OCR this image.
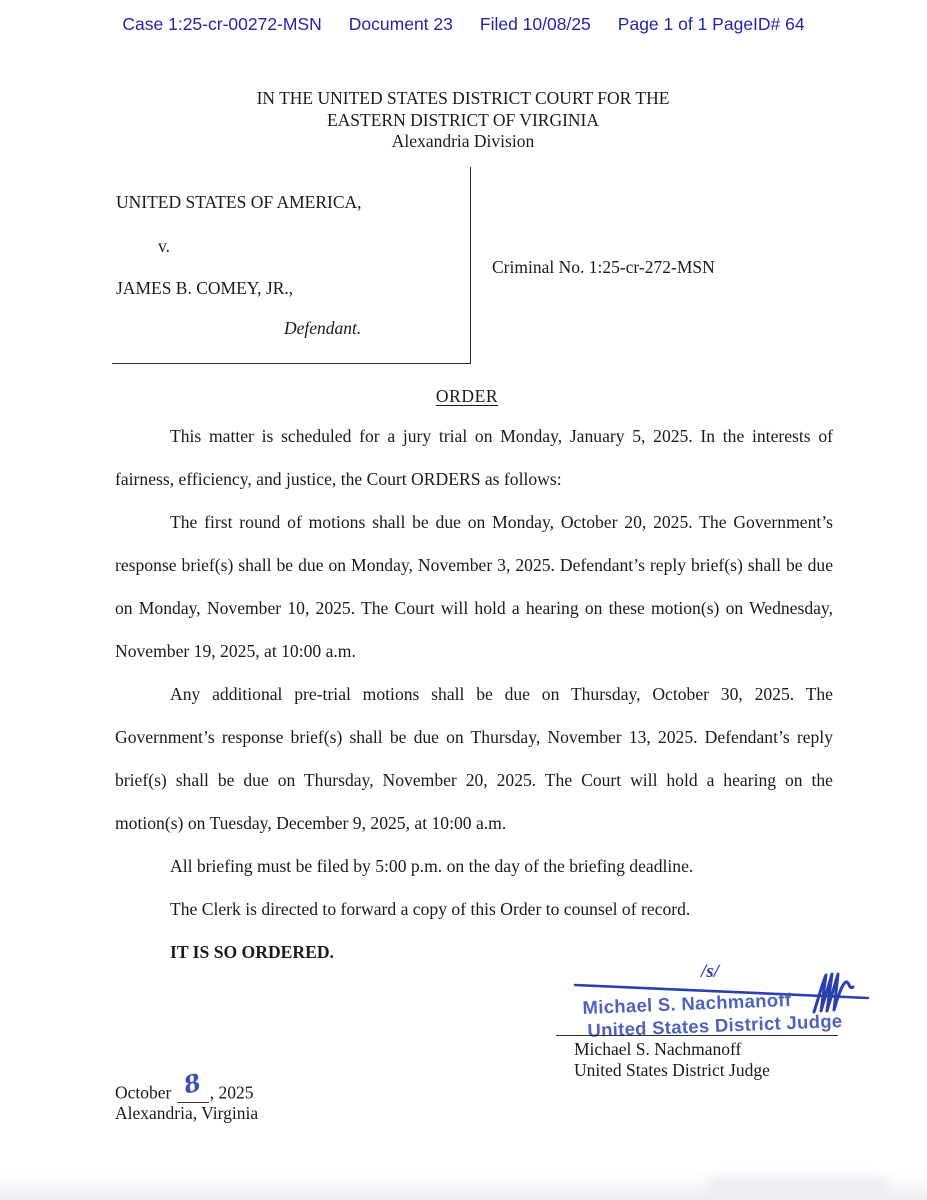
Case 1:25-cr-00272-MSN Document 23 Filed 10/08/25 Page 1 of 1 PageID# 64
IN THE UNITED STATES DISTRICT COURT FOR THE
EASTERN DISTRICT OF VIRGINIA
Alexandria Division
UNITED STATES OF AMERICA,
v.
JAMES B. COMEY, JR.,
Defendant.
Criminal No. 1:25-cr-272-MSN
ORDER

This matter is scheduled for a jury trial on Monday, January 5, 2025. In the interests of fairness, efficiency, and justice, the Court ORDERS as follows:

The first round of motions shall be due on Monday, October 20, 2025. The Government’s response brief(s) shall be due on Monday, November 3, 2025. Defendant’s reply brief(s) shall be due on Monday, November 10, 2025. The Court will hold a hearing on these motion(s) on Wednesday, November 19, 2025, at 10:00 a.m.

Any additional pre-trial motions shall be due on Thursday, October 30, 2025. The Government’s response brief(s) shall be due on Thursday, November 13, 2025. Defendant’s reply brief(s) shall be due on Thursday, November 20, 2025. The Court will hold a hearing on the motion(s) on Tuesday, December 9, 2025, at 10:00 a.m.

All briefing must be filed by 5:00 p.m. on the day of the briefing deadline.

The Clerk is directed to forward a copy of this Order to counsel of record.

IT IS SO ORDERED.

/s/
Michael S. Nachmanoff
United States District Judge
Michael S. Nachmanoff
United States District Judge
October 8 , 2025
Alexandria, Virginia
